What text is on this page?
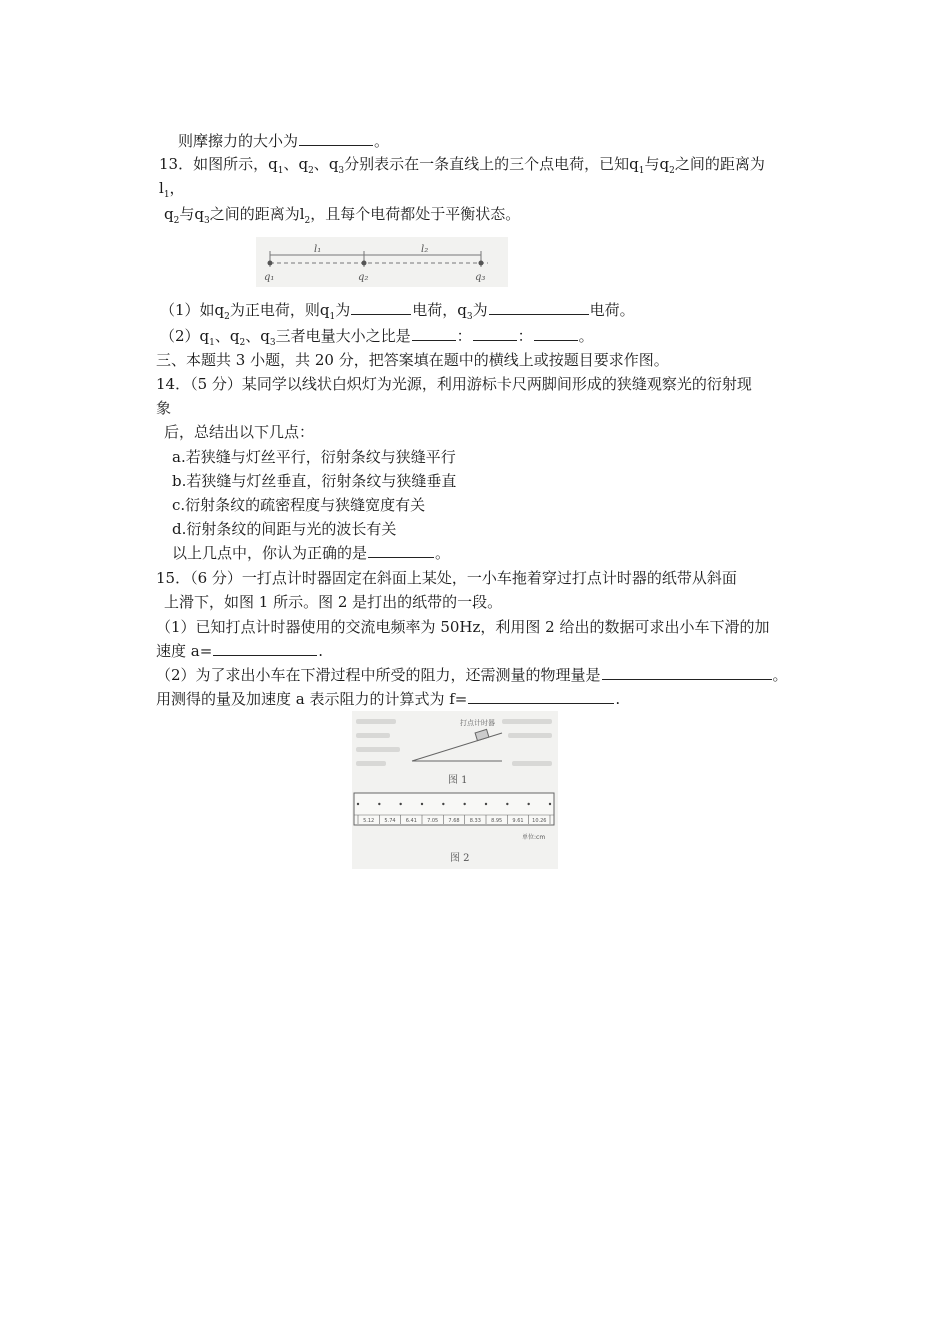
则摩擦力的大小为	。
13．如图所示，$q_1$、$q_2$、$q_3$分别表示在一条直线上的三个点电荷，已知$q_1$与$q_2$之间的距离为
$l_1$，
$q_2$与$q_3$之间的距离为$l_2$，且每个电荷都处于平衡状态。
l₁	l₂
q₁	q₂	q₃
（1）如$q_2$为正电荷，则$q_1$为	电荷，$q_3$为	电荷。
$(2)q_1$、$q_2$、$q_3$三者电量大小之比是	：	：	。
三、本题共 3 小题，共 20 分，把答案填在题中的横线上或按题目要求作图。
14．（5 分）某同学以线状白炽灯为光源，利用游标卡尺两脚间形成的狭缝观察光的衍射现
象
后，总结出以下几点：
a.若狭缝与灯丝平行，衍射条纹与狭缝平行
b.若狭缝与灯丝垂直，衍射条纹与狭缝垂直
c.衍射条纹的疏密程度与狭缝宽度有关
d.衍射条纹的间距与光的波长有关
以上几点中，你认为正确的是	。
15．（6 分）一打点计时器固定在斜面上某处，一小车拖着穿过打点计时器的纸带从斜面
上滑下，如图 1 所示。图 2 是打出的纸带的一段。
（1）已知打点计时器使用的交流电频率为 50Hz，利用图 2 给出的数据可求出小车下滑的加
速度 a=	.
（2）为了求出小车在下滑过程中所受的阻力，还需测量的物理量是	。
用测得的量及加速度 a 表示阻力的计算式为 f=	.
打点计时器
图 1
5.12 5.74 6.41 7.05 7.68 8.33 8.95 9.61 10.26
单位:cm
图 2
